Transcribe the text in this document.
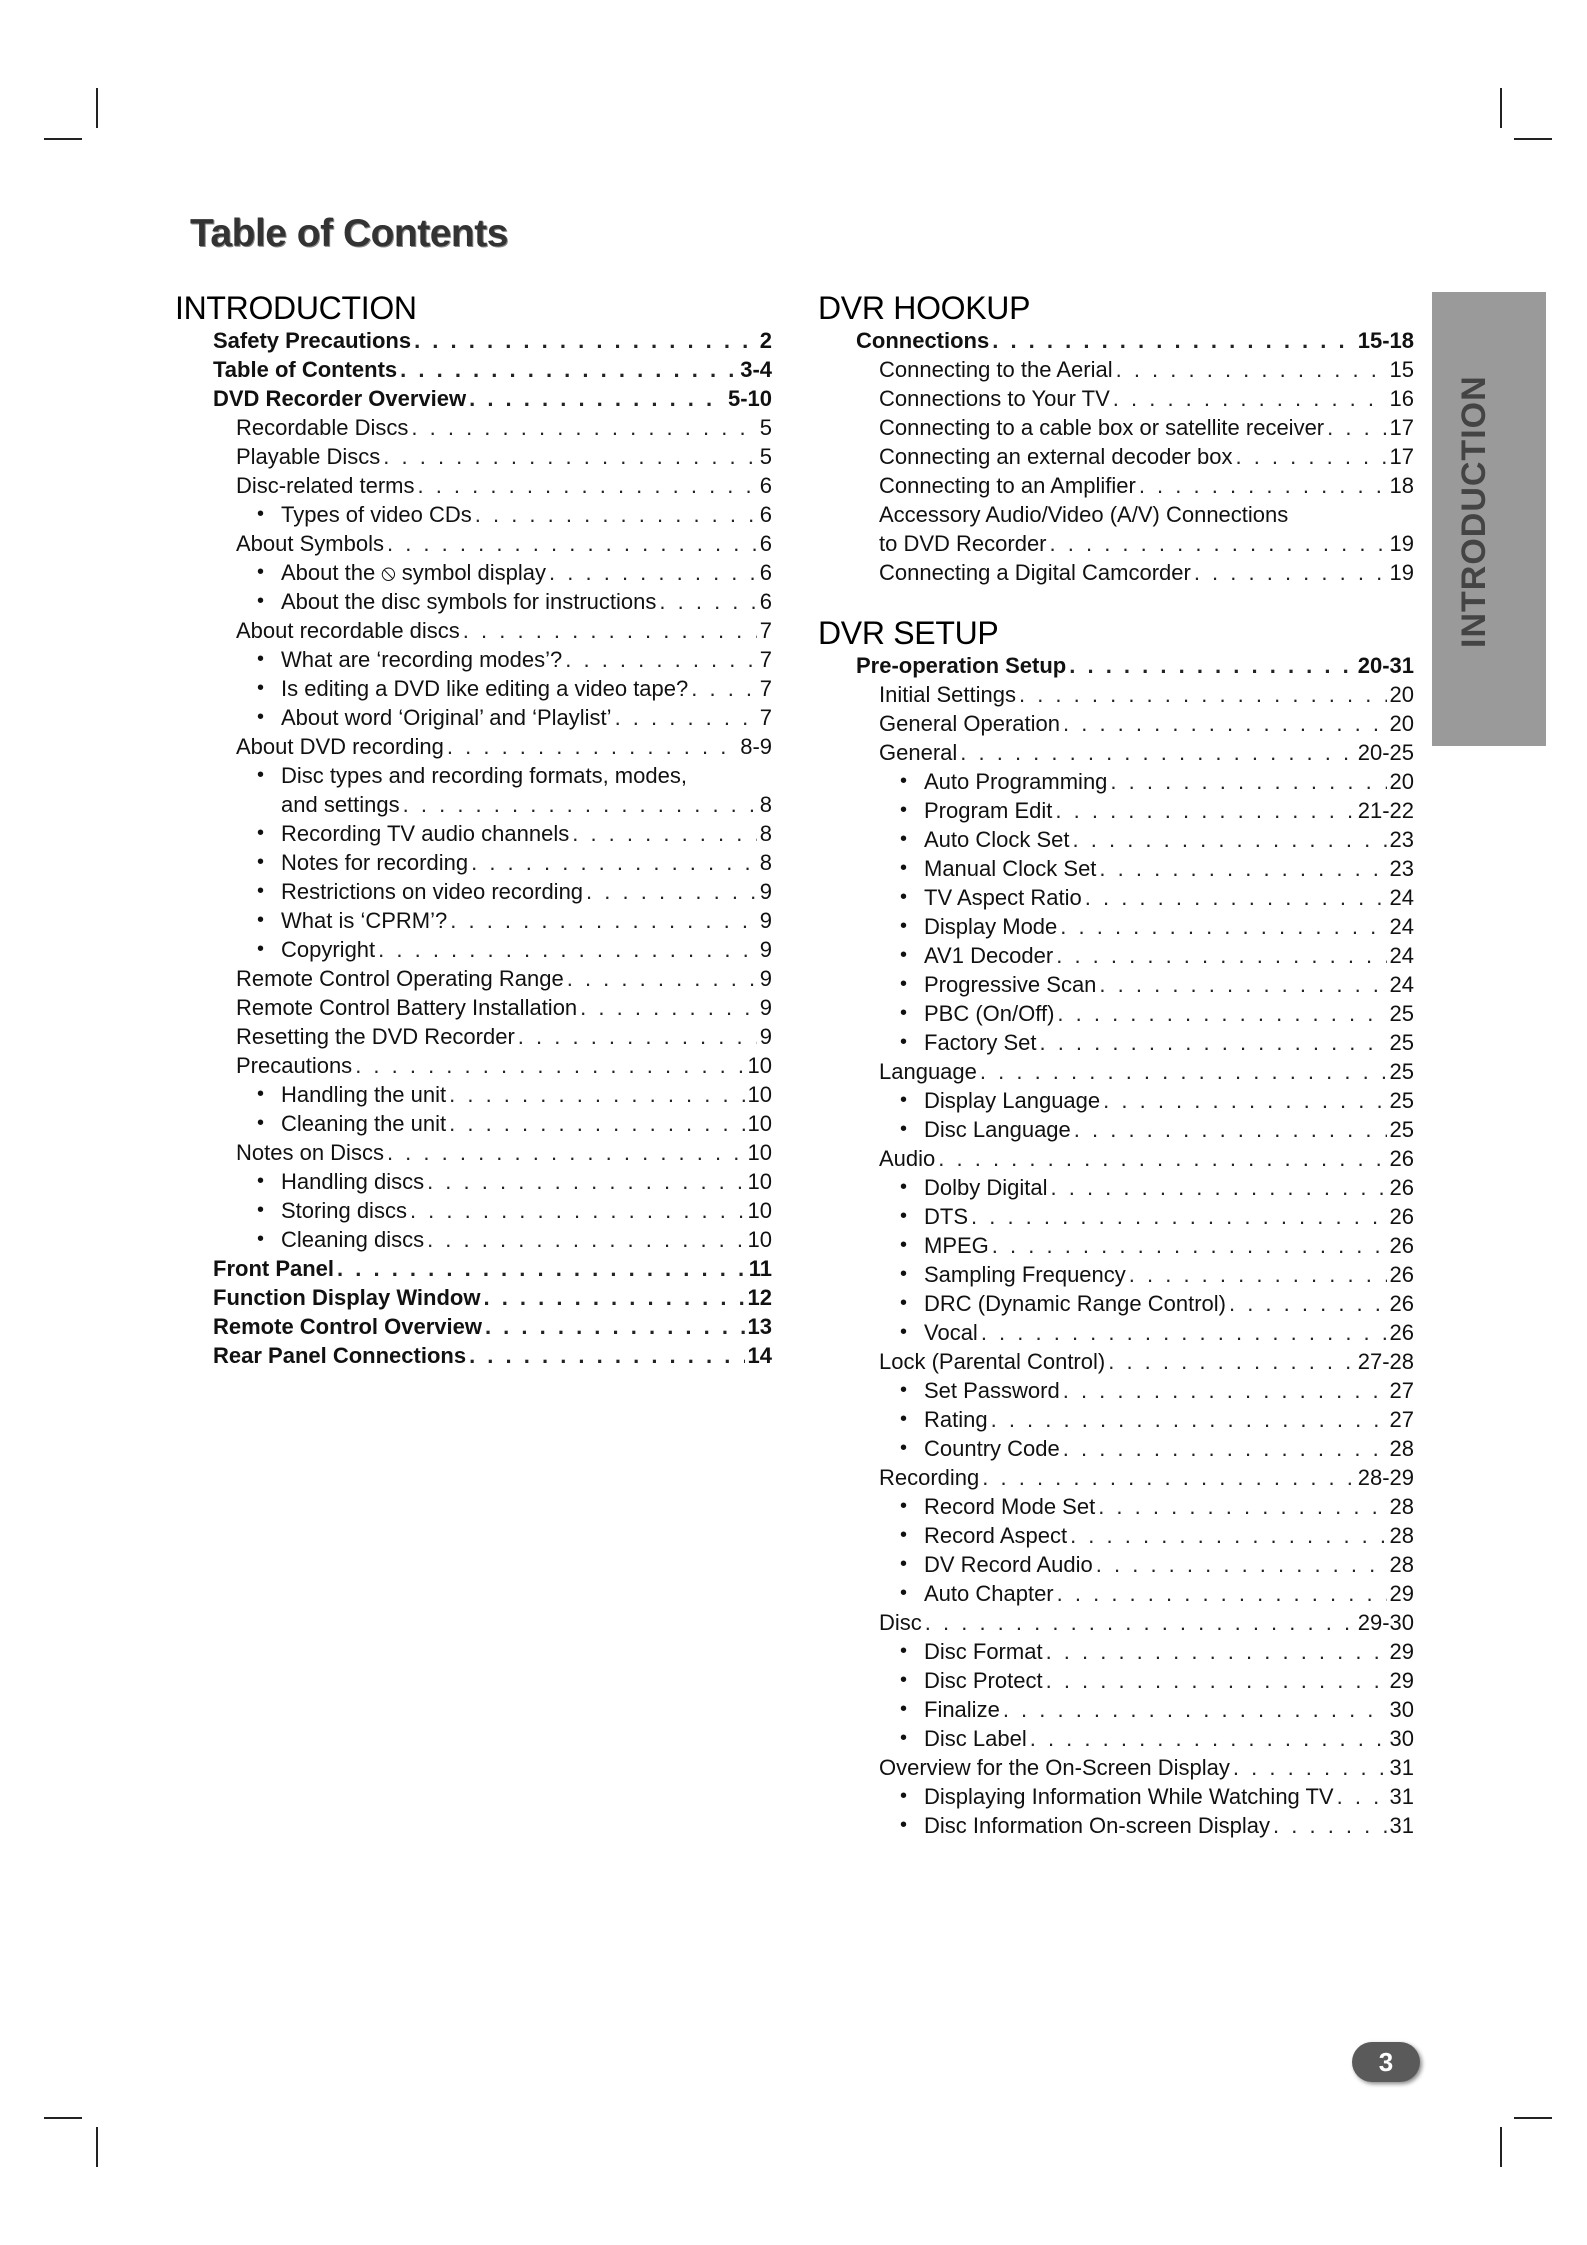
Table of Contents
INTRODUCTION
Safety Precautions . . .	2
Table of Contents . . .	3-4
DVD Recorder Overview . . .	5-10
Recordable Discs . . .	5
Playable Discs . . .	5
Disc-related terms . . .	6
• Types of video CDs . . .	6
About Symbols . . .	6
• About the ⦸ symbol display . . .	6
• About the disc symbols for instructions . . .	6
About recordable discs . . .	7
• What are ‘recording modes’? . . .	7
• Is editing a DVD like editing a video tape? . . .	7
• About word ‘Original’ and ‘Playlist’ . . .	7
About DVD recording . . .	8-9
• Disc types and recording formats, modes,
and settings . . .	8
• Recording TV audio channels . . .	8
• Notes for recording . . .	8
• Restrictions on video recording . . .	9
• What is ‘CPRM’? . . .	9
• Copyright . . .	9
Remote Control Operating Range . . .	9
Remote Control Battery Installation . . .	9
Resetting the DVD Recorder . . .	9
Precautions . . .	10
• Handling the unit . . .	10
• Cleaning the unit . . .	10
Notes on Discs . . .	10
• Handling discs . . .	10
• Storing discs . . .	10
• Cleaning discs . . .	10
Front Panel . . .	11
Function Display Window . . .	12
Remote Control Overview . . .	13
Rear Panel Connections . . .	14
DVR HOOKUP
Connections . . .	15-18
Connecting to the Aerial . . .	15
Connections to Your TV . . .	16
Connecting to a cable box or satellite receiver . . .	17
Connecting an external decoder box . . .	17
Connecting to an Amplifier . . .	18
Accessory Audio/Video (A/V) Connections
to DVD Recorder . . .	19
Connecting a Digital Camcorder . . .	19
DVR SETUP
Pre-operation Setup . . .	20-31
Initial Settings . . .	20
General Operation . . .	20
General . . .	20-25
• Auto Programming . . .	20
• Program Edit . . .	21-22
• Auto Clock Set . . .	23
• Manual Clock Set . . .	23
• TV Aspect Ratio . . .	24
• Display Mode . . .	24
• AV1 Decoder . . .	24
• Progressive Scan . . .	24
• PBC (On/Off) . . .	25
• Factory Set . . .	25
Language . . .	25
• Display Language . . .	25
• Disc Language . . .	25
Audio . . .	26
• Dolby Digital . . .	26
• DTS . . .	26
• MPEG . . .	26
• Sampling Frequency . . .	26
• DRC (Dynamic Range Control) . . .	26
• Vocal . . .	26
Lock (Parental Control) . . .	27-28
• Set Password . . .	27
• Rating . . .	27
• Country Code . . .	28
Recording . . .	28-29
• Record Mode Set . . .	28
• Record Aspect . . .	28
• DV Record Audio . . .	28
• Auto Chapter . . .	29
Disc . . .	29-30
• Disc Format . . .	29
• Disc Protect . . .	29
• Finalize . . .	30
• Disc Label . . .	30
Overview for the On-Screen Display . . .	31
• Displaying Information While Watching TV . . .	31
• Disc Information On-screen Display . . .	31
INTRODUCTION
3
